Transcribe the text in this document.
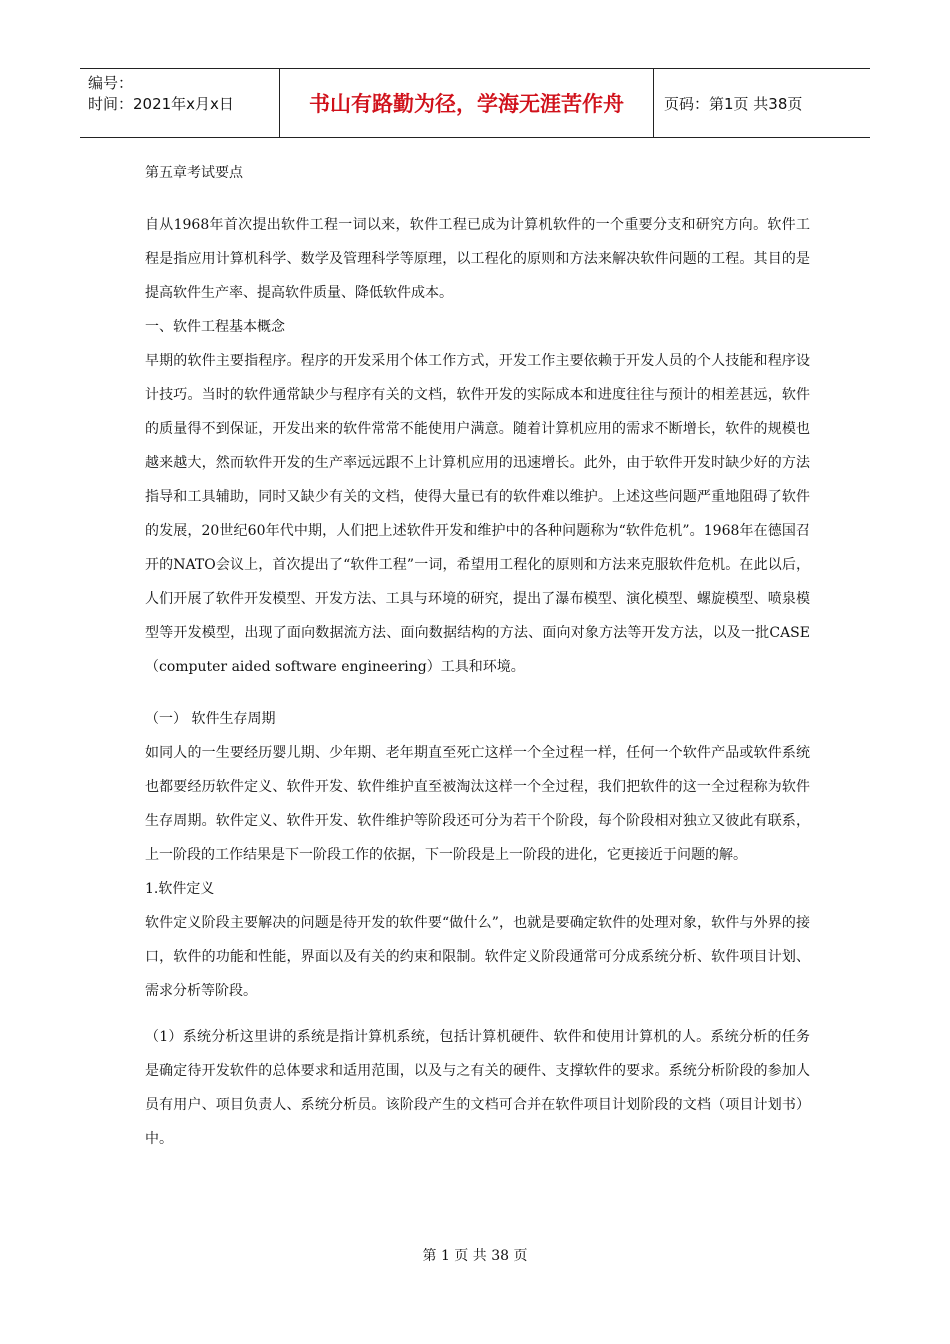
编号：
时间：2021年x月x日	书山有路勤为径，学海无涯苦作舟	页码：第1页 共38页

第五章考试要点

自从1968年首次提出软件工程一词以来，软件工程已成为计算机软件的一个重要分支和研究方向。软件工程是指应用计算机科学、数学及管理科学等原理，以工程化的原则和方法来解决软件问题的工程。其目的是提高软件生产率、提高软件质量、降低软件成本。

一、软件工程基本概念

早期的软件主要指程序。程序的开发采用个体工作方式，开发工作主要依赖于开发人员的个人技能和程序设计技巧。当时的软件通常缺少与程序有关的文档，软件开发的实际成本和进度往往与预计的相差甚远，软件的质量得不到保证，开发出来的软件常常不能使用户满意。随着计算机应用的需求不断增长，软件的规模也越来越大，然而软件开发的生产率远远跟不上计算机应用的迅速增长。此外，由于软件开发时缺少好的方法指导和工具辅助，同时又缺少有关的文档，使得大量已有的软件难以维护。上述这些问题严重地阻碍了软件的发展，20世纪60年代中期，人们把上述软件开发和维护中的各种问题称为“软件危机”。1968年在德国召开的NATO会议上，首次提出了“软件工程”一词，希望用工程化的原则和方法来克服软件危机。在此以后，人们开展了软件开发模型、开发方法、工具与环境的研究，提出了瀑布模型、演化模型、螺旋模型、喷泉模型等开发模型，出现了面向数据流方法、面向数据结构的方法、面向对象方法等开发方法，以及一批CASE（computer aided software engineering）工具和环境。

（一） 软件生存周期

如同人的一生要经历婴儿期、少年期、老年期直至死亡这样一个全过程一样，任何一个软件产品或软件系统也都要经历软件定义、软件开发、软件维护直至被淘汰这样一个全过程，我们把软件的这一全过程称为软件生存周期。软件定义、软件开发、软件维护等阶段还可分为若干个阶段，每个阶段相对独立又彼此有联系，上一阶段的工作结果是下一阶段工作的依据，下一阶段是上一阶段的进化，它更接近于问题的解。

1.软件定义

软件定义阶段主要解决的问题是待开发的软件要“做什么”，也就是要确定软件的处理对象，软件与外界的接口，软件的功能和性能，界面以及有关的约束和限制。软件定义阶段通常可分成系统分析、软件项目计划、需求分析等阶段。

（1）系统分析这里讲的系统是指计算机系统，包括计算机硬件、软件和使用计算机的人。系统分析的任务是确定待开发软件的总体要求和适用范围，以及与之有关的硬件、支撑软件的要求。系统分析阶段的参加人员有用户、项目负责人、系统分析员。该阶段产生的文档可合并在软件项目计划阶段的文档（项目计划书）中。

第 1 页 共 38 页
